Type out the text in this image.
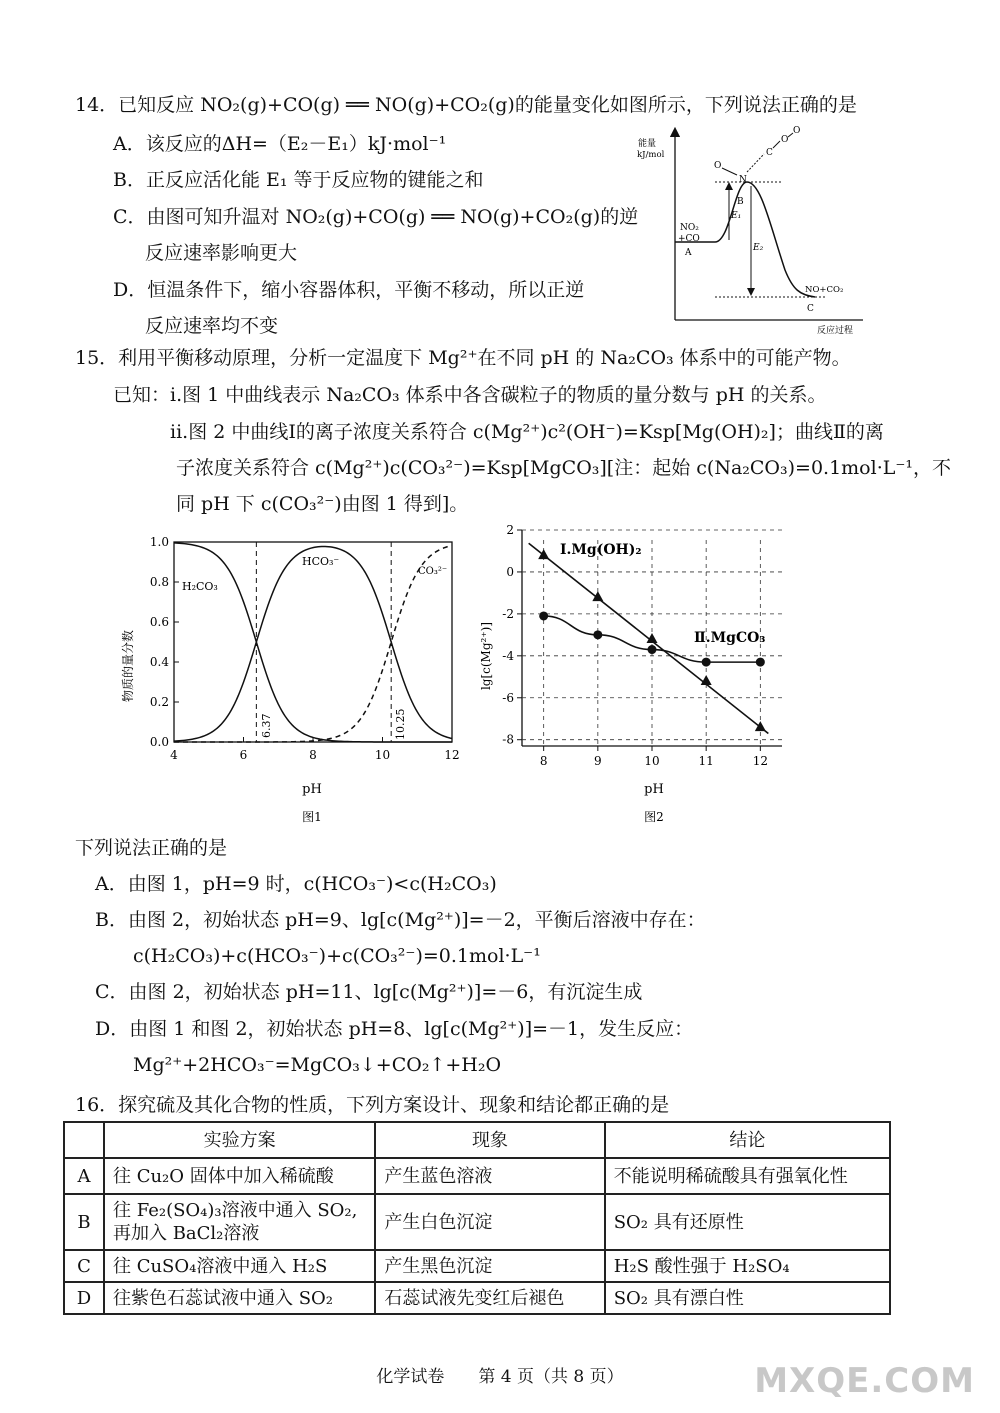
14．已知反应 NO₂(g)+CO(g) ══ NO(g)+CO₂(g)的能量变化如图所示，下列说法正确的是
A．该反应的ΔH=（E₂－E₁）kJ·mol⁻¹
B．正反应活化能 E₁ 等于反应物的键能之和
C．由图可知升温对 NO₂(g)+CO(g) ══ NO(g)+CO₂(g)的逆
反应速率影响更大
D．恒温条件下，缩小容器体积，平衡不移动，所以正逆
反应速率均不变
能量
kJ/mol
反应过程
NO₂
+CO
A
B
C
E₁
E₂
NO+CO₂
O
N
C
O
O
15．利用平衡移动原理，分析一定温度下 Mg²⁺在不同 pH 的 Na₂CO₃ 体系中的可能产物。
已知：i.图 1 中曲线表示 Na₂CO₃ 体系中各含碳粒子的物质的量分数与 pH 的关系。
ii.图 2 中曲线Ⅰ的离子浓度关系符合 c(Mg²⁺)c²(OH⁻)=Ksp[Mg(OH)₂]；曲线Ⅱ的离
子浓度关系符合 c(Mg²⁺)c(CO₃²⁻)=Ksp[MgCO₃][注：起始 c(Na₂CO₃)=0.1mol·L⁻¹，不
同 pH 下 c(CO₃²⁻)由图 1 得到]。
4	6	8	10	12
0.0
0.2
0.4
0.6
0.8
1.0
pH
物质的量分数
H₂CO₃
HCO₃⁻
CO₃²⁻
6.37	10.25
图1
8	9	10	11	12
2
0
-2
-4
-6
-8
pH
lg[c(Mg²⁺)]
Ⅰ.Mg(OH)₂
Ⅱ.MgCO₃
图2
下列说法正确的是
A．由图 1，pH=9 时，c(HCO₃⁻)<c(H₂CO₃)
B．由图 2，初始状态 pH=9、lg[c(Mg²⁺)]=－2，平衡后溶液中存在：
c(H₂CO₃)+c(HCO₃⁻)+c(CO₃²⁻)=0.1mol·L⁻¹
C．由图 2，初始状态 pH=11、lg[c(Mg²⁺)]=－6，有沉淀生成
D．由图 1 和图 2，初始状态 pH=8、lg[c(Mg²⁺)]=－1，发生反应：
Mg²⁺+2HCO₃⁻=MgCO₃↓+CO₂↑+H₂O
16．探究硫及其化合物的性质，下列方案设计、现象和结论都正确的是
	实验方案	现象	结论
A	往 Cu₂O 固体中加入稀硫酸	产生蓝色溶液	不能说明稀硫酸具有强氧化性
B	往 Fe₂(SO₄)₃溶液中通入 SO₂,
再加入 BaCl₂溶液	产生白色沉淀	SO₂ 具有还原性
C	往 CuSO₄溶液中通入 H₂S	产生黑色沉淀	H₂S 酸性强于 H₂SO₄
D	往紫色石蕊试液中通入 SO₂	石蕊试液先变红后褪色	SO₂ 具有漂白性
化学试卷　　第 4 页（共 8 页）	MXQE.COM
